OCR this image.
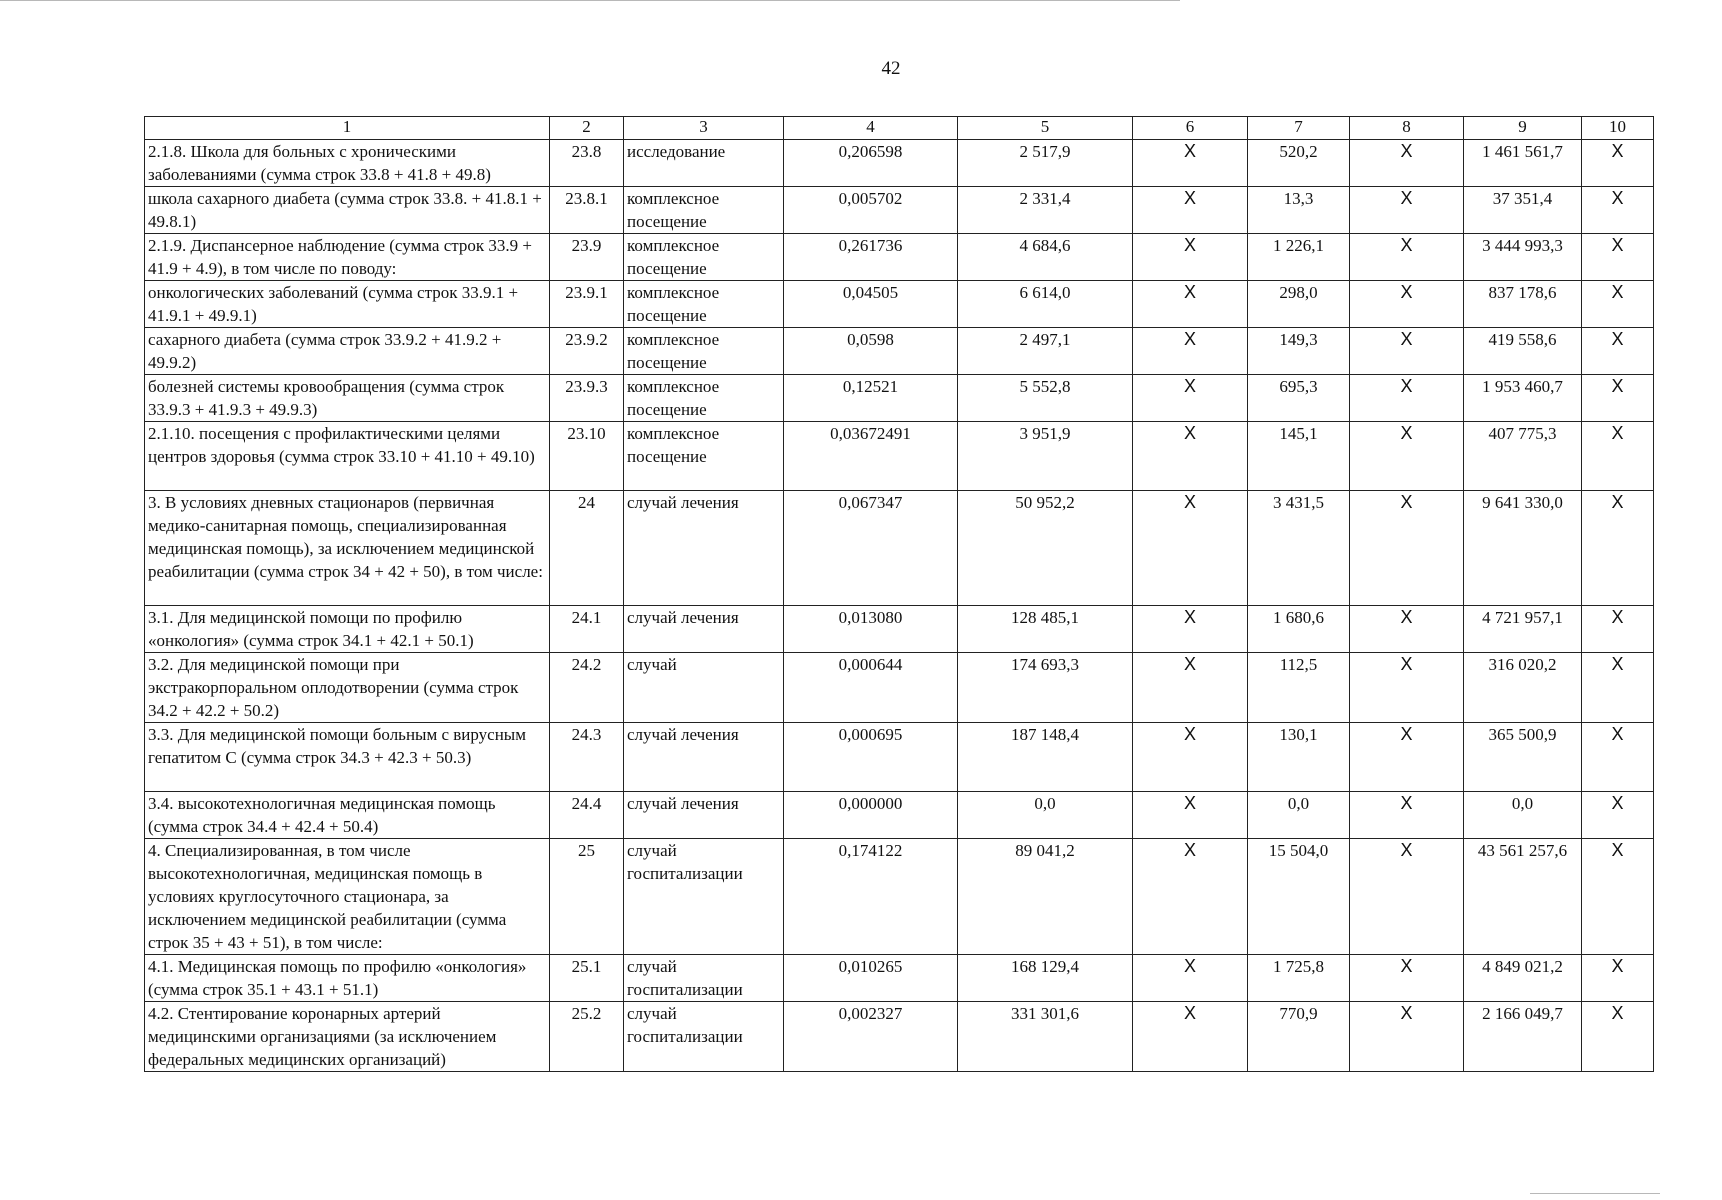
42
1	2	3	4	5	6	7	8	9	10
2.1.8. Школа для больных с хроническими заболеваниями (сумма строк 33.8 + 41.8 + 49.8)	23.8	исследование	0,206598	2 517,9	X	520,2	X	1 461 561,7	X
школа сахарного диабета (сумма строк 33.8. + 41.8.1 + 49.8.1)	23.8.1	комплексное посещение	0,005702	2 331,4	X	13,3	X	37 351,4	X
2.1.9. Диспансерное наблюдение (сумма строк 33.9 + 41.9 + 4.9), в том числе по поводу:	23.9	комплексное посещение	0,261736	4 684,6	X	1 226,1	X	3 444 993,3	X
онкологических заболеваний (сумма строк 33.9.1 + 41.9.1 + 49.9.1)	23.9.1	комплексное посещение	0,04505	6 614,0	X	298,0	X	837 178,6	X
сахарного диабета (сумма строк 33.9.2 + 41.9.2 + 49.9.2)	23.9.2	комплексное посещение	0,0598	2 497,1	X	149,3	X	419 558,6	X
болезней системы кровообращения (сумма строк 33.9.3 + 41.9.3 + 49.9.3)	23.9.3	комплексное посещение	0,12521	5 552,8	X	695,3	X	1 953 460,7	X
2.1.10. посещения с профилактическими целями центров здоровья (сумма строк 33.10 + 41.10 + 49.10)	23.10	комплексное посещение	0,03672491	3 951,9	X	145,1	X	407 775,3	X
3. В условиях дневных стационаров (первичная медико-санитарная помощь, специализированная медицинская помощь), за исключением медицинской реабилитации (сумма строк 34 + 42 + 50), в том числе:	24	случай лечения	0,067347	50 952,2	X	3 431,5	X	9 641 330,0	X
3.1. Для медицинской помощи по профилю «онкология» (сумма строк 34.1 + 42.1 + 50.1)	24.1	случай лечения	0,013080	128 485,1	X	1 680,6	X	4 721 957,1	X
3.2. Для медицинской помощи при экстракорпоральном оплодотворении (сумма строк 34.2 + 42.2 + 50.2)	24.2	случай	0,000644	174 693,3	X	112,5	X	316 020,2	X
3.3. Для медицинской помощи больным с вирусным гепатитом С (сумма строк 34.3 + 42.3 + 50.3)	24.3	случай лечения	0,000695	187 148,4	X	130,1	X	365 500,9	X
3.4. высокотехнологичная медицинская помощь (сумма строк 34.4 + 42.4 + 50.4)	24.4	случай лечения	0,000000	0,0	X	0,0	X	0,0	X
4. Специализированная, в том числе высокотехнологичная, медицинская помощь в условиях круглосуточного стационара, за исключением медицинской реабилитации (сумма строк 35 + 43 + 51), в том числе:	25	случай госпитализации	0,174122	89 041,2	X	15 504,0	X	43 561 257,6	X
4.1. Медицинская помощь по профилю «онкология» (сумма строк 35.1 + 43.1 + 51.1)	25.1	случай госпитализации	0,010265	168 129,4	X	1 725,8	X	4 849 021,2	X
4.2. Стентирование коронарных артерий медицинскими организациями (за исключением федеральных медицинских организаций)	25.2	случай госпитализации	0,002327	331 301,6	X	770,9	X	2 166 049,7	X
